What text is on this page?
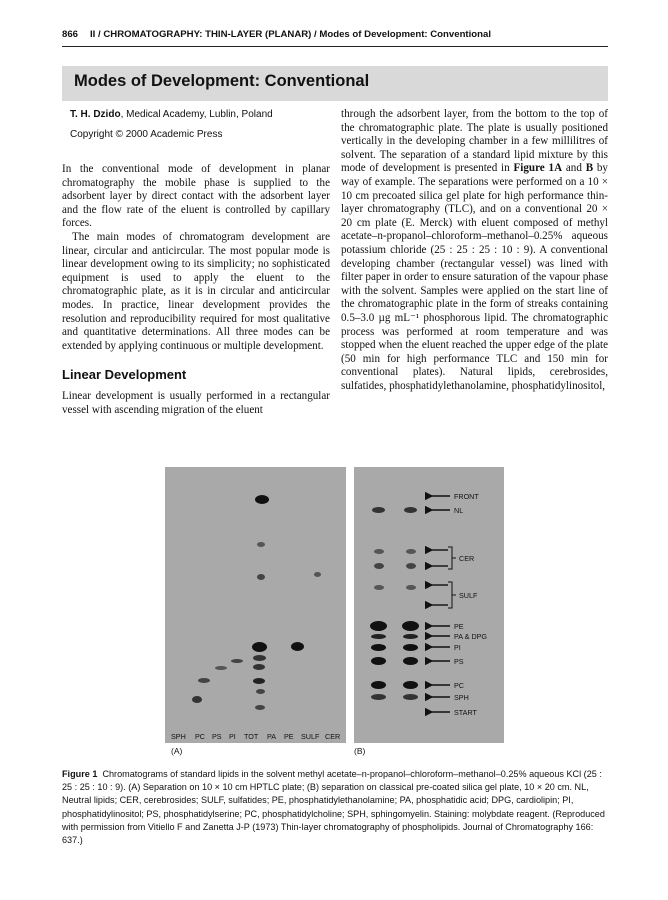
866 II / CHROMATOGRAPHY: THIN-LAYER (PLANAR) / Modes of Development: Conventional
Modes of Development: Conventional
T. H. Dzido, Medical Academy, Lublin, Poland
Copyright © 2000 Academic Press

In the conventional mode of development in planar chromatography the mobile phase is supplied to the adsorbent layer by direct contact with the adsorbent layer and the flow rate of the eluent is controlled by capillary forces.

The main modes of chromatogram development are linear, circular and anticircular. The most popular mode is linear development owing to its simplicity; no sophisticated equipment is used to apply the eluent to the chromatographic plate, as it is in circular and anticircular modes. In practice, linear development provides the resolution and reproducibility required for most qualitative and quantitative determinations. All three modes can be extended by applying continuous or multiple development.

Linear Development

Linear development is usually performed in a rectangular vessel with ascending migration of the eluent

through the adsorbent layer, from the bottom to the top of the chromatographic plate. The plate is usually positioned vertically in the developing chamber in a few millilitres of solvent. The separation of a standard lipid mixture by this mode of development is presented in Figure 1A and B by way of example. The separations were performed on a 10 × 10 cm precoated silica gel plate for high performance thin-layer chromatography (TLC), and on a conventional 20 × 20 cm plate (E. Merck) with eluent composed of methyl acetate–n-propanol–chloroform–methanol–0.25% aqueous potassium chloride (25 : 25 : 25 : 10 : 9). A conventional developing chamber (rectangular vessel) was lined with filter paper in order to ensure saturation of the vapour phase with the solvent. Samples were applied on the start line of the chromatographic plate in the form of streaks containing 0.5–3.0 µg mL⁻¹ phosphorous lipid. The chromatographic process was performed at room temperature and was stopped when the eluent reached the upper edge of the plate (50 min for high performance TLC and 150 min for conventional plates). Natural lipids, cerebrosides, sulfatides, phosphatidylethanolamine, phosphatidylinositol,

SPH PC PS PI TOT PA PE SULF CER
FRONT
NL
CER
SULF
PE
PA & DPG
PI
PS
PC
SPH
START
(A)	(B)
Figure 1 Chromatograms of standard lipids in the solvent methyl acetate–n-propanol–chloroform–methanol–0.25% aqueous KCl (25 : 25 : 25 : 10 : 9). (A) Separation on 10 × 10 cm HPTLC plate; (B) separation on classical pre-coated silica gel plate, 10 × 20 cm. NL, Neutral lipids; CER, cerebrosides; SULF, sulfatides; PE, phosphatidylethanolamine; PA, phosphatidic acid; DPG, cardiolipin; PI, phosphatidylinositol; PS, phosphatidylserine; PC, phosphatidylcholine; SPH, sphingomyelin. Staining: molybdate reagent. (Reproduced with permission from Vitiello F and Zanetta J-P (1973) Thin-layer chromatography of phospholipids. Journal of Chromatography 166: 637.)
